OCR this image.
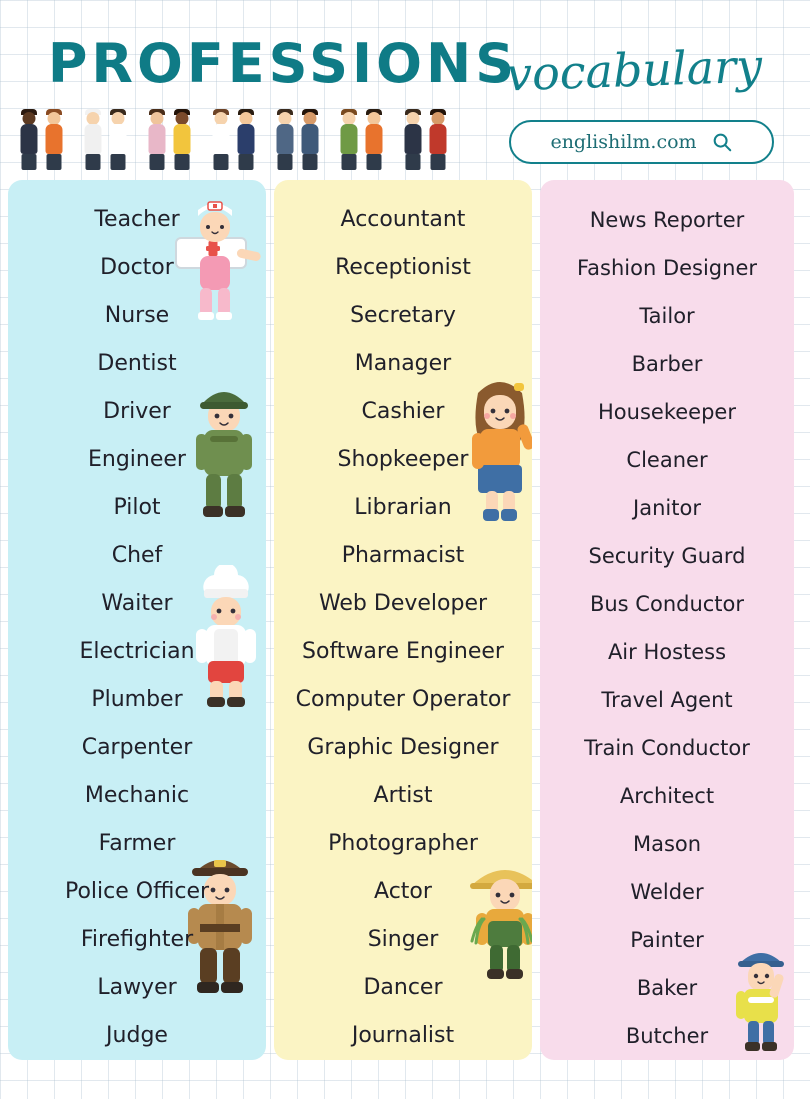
PROFESSIONS
vocabulary
englishilm.com
Teacher
Doctor
Nurse
Dentist
Driver
Engineer
Pilot
Chef
Waiter
Electrician
Plumber
Carpenter
Mechanic
Farmer
Police Officer
Firefighter
Lawyer
Judge
Accountant
Receptionist
Secretary
Manager
Cashier
Shopkeeper
Librarian
Pharmacist
Web Developer
Software Engineer
Computer Operator
Graphic Designer
Artist
Photographer
Actor
Singer
Dancer
Journalist
News Reporter
Fashion Designer
Tailor
Barber
Housekeeper
Cleaner
Janitor
Security Guard
Bus Conductor
Air Hostess
Travel Agent
Train Conductor
Architect
Mason
Welder
Painter
Baker
Butcher
